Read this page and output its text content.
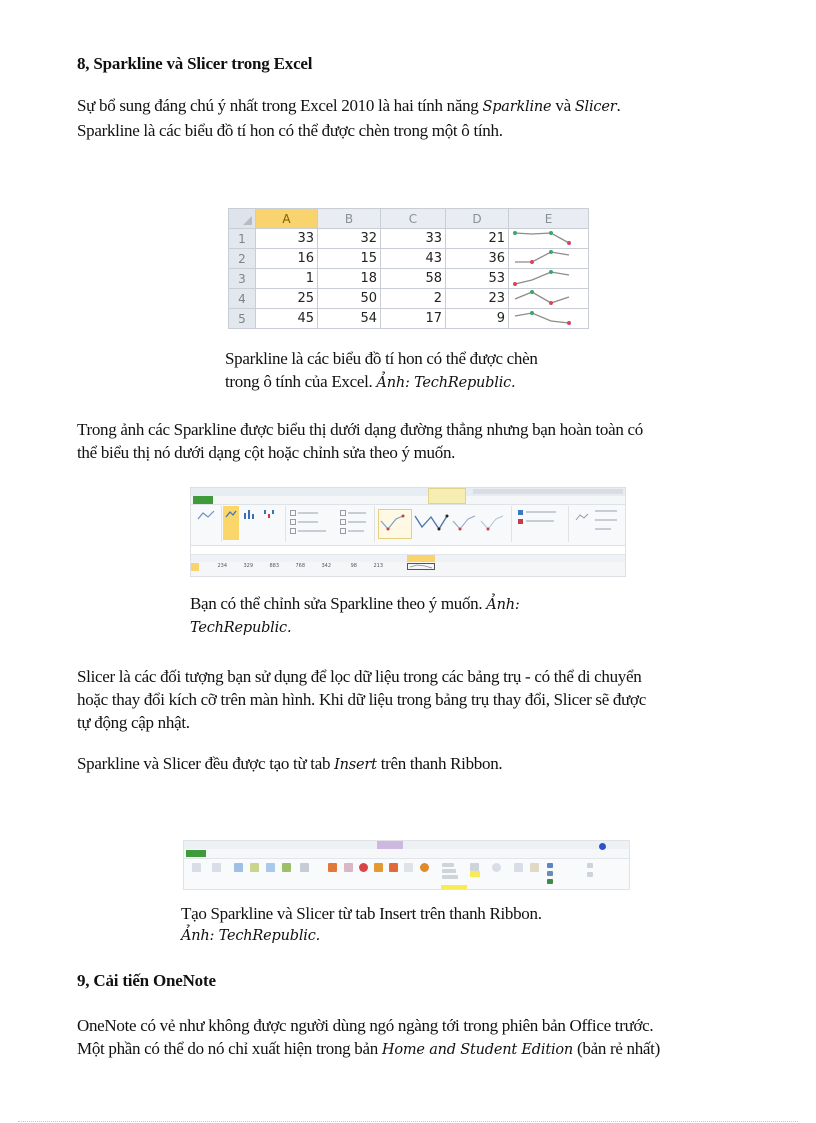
8, Sparkline và Slicer trong Excel
Sự bổ sung đáng chú ý nhất trong Excel 2010 là hai tính năng Sparkline và Slicer.
Sparkline là các biểu đồ tí hon có thể được chèn trong một ô tính.
	A	B	C	D	E
1	33	32	33	21	

2	16	15	43	36	

3	1	18	58	53	

4	25	50	2	23	

5	45	54	17	9	
Sparkline là các biểu đồ tí hon có thể được chèn
trong ô tính của Excel. Ảnh: TechRepublic.
Trong ảnh các Sparkline được biểu thị dưới dạng đường thẳng nhưng bạn hoàn toàn có
thể biểu thị nó dưới dạng cột hoặc chỉnh sửa theo ý muốn.
234	329	883	768	342	98	213
Bạn có thể chỉnh sửa Sparkline theo ý muốn. Ảnh:
TechRepublic.
Slicer là các đối tượng bạn sử dụng để lọc dữ liệu trong các bảng trụ - có thể di chuyển
hoặc thay đổi kích cỡ trên màn hình. Khi dữ liệu trong bảng trụ thay đổi, Slicer sẽ được
tự động cập nhật.
Sparkline và Slicer đều được tạo từ tab Insert trên thanh Ribbon.
Tạo Sparkline và Slicer từ tab Insert trên thanh Ribbon.
Ảnh: TechRepublic.
9, Cải tiến OneNote
OneNote có vẻ như không được người dùng ngó ngàng tới trong phiên bản Office trước.
Một phần có thể do nó chỉ xuất hiện trong bản Home and Student Edition (bản rẻ nhất)
